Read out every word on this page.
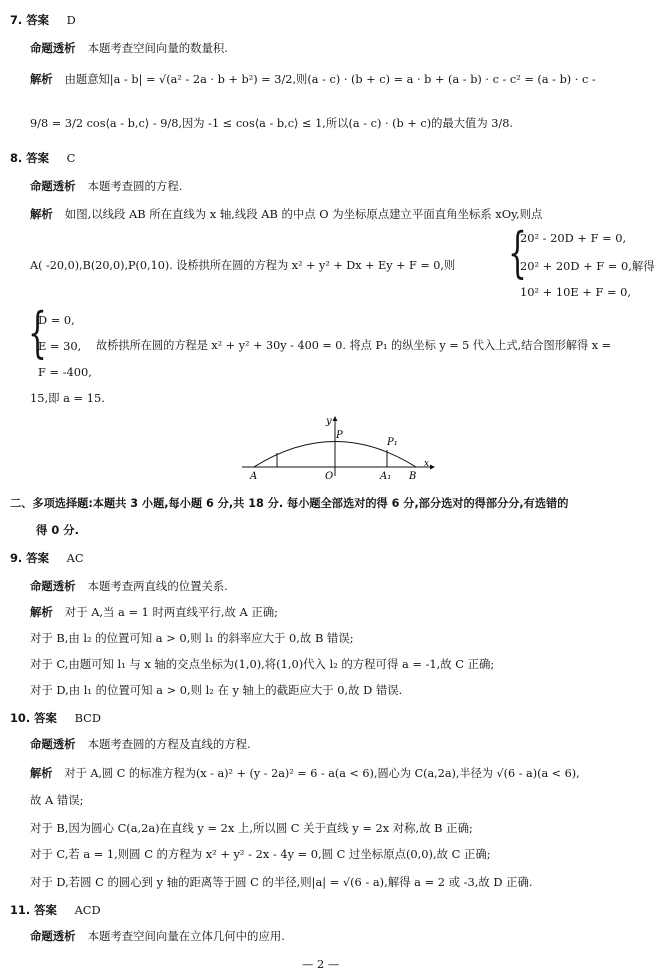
7. 答案 D
命题透析 本题考查空间向量的数量积.
解析 由题意知|a - b| = √(a² - 2a · b + b²) = 3/2,则(a - c) · (b + c) = a · b + (a - b) · c - c² = (a - b) · c -
9/8 = 3/2 cos⟨a - b,c⟩ - 9/8,因为 -1 ≤ cos⟨a - b,c⟩ ≤ 1,所以(a - c) · (b + c)的最大值为 3/8.
8. 答案 C
命题透析 本题考查圆的方程.
解析 如图,以线段 AB 所在直线为 x 轴,线段 AB 的中点 O 为坐标原点建立平面直角坐标系 xOy,则点
A( -20,0),B(20,0),P(0,10). 设桥拱所在圆的方程为 x² + y² + Dx + Ey + F = 0,则 {
20² - 20D + F = 0,
20² + 20D + F = 0,解得
10² + 10E + F = 0,
{
D = 0,
E = 30,
F = -400,
故桥拱所在圆的方程是 x² + y² + 30y - 400 = 0. 将点 P₁ 的纵坐标 y = 5 代入上式,结合图形解得 x =
15,即 a = 15.
y
x
P
P₁
A	O	A₁ B
二、多项选择题:本题共 3 小题,每小题 6 分,共 18 分. 每小题全部选对的得 6 分,部分选对的得部分分,有选错的
得 0 分.
9. 答案 AC
命题透析 本题考查两直线的位置关系.
解析 对于 A,当 a = 1 时两直线平行,故 A 正确;
对于 B,由 l₂ 的位置可知 a > 0,则 l₁ 的斜率应大于 0,故 B 错误;
对于 C,由题可知 l₁ 与 x 轴的交点坐标为(1,0),将(1,0)代入 l₂ 的方程可得 a = -1,故 C 正确;
对于 D,由 l₁ 的位置可知 a > 0,则 l₂ 在 y 轴上的截距应大于 0,故 D 错误.
10. 答案 BCD
命题透析 本题考查圆的方程及直线的方程.
解析 对于 A,圆 C 的标准方程为(x - a)² + (y - 2a)² = 6 - a(a < 6),圆心为 C(a,2a),半径为 √(6 - a)(a < 6),
故 A 错误;
对于 B,因为圆心 C(a,2a)在直线 y = 2x 上,所以圆 C 关于直线 y = 2x 对称,故 B 正确;
对于 C,若 a = 1,则圆 C 的方程为 x² + y² - 2x - 4y = 0,圆 C 过坐标原点(0,0),故 C 正确;
对于 D,若圆 C 的圆心到 y 轴的距离等于圆 C 的半径,则|a| = √(6 - a),解得 a = 2 或 -3,故 D 正确.
11. 答案 ACD
命题透析 本题考查空间向量在立体几何中的应用.
— 2 —
